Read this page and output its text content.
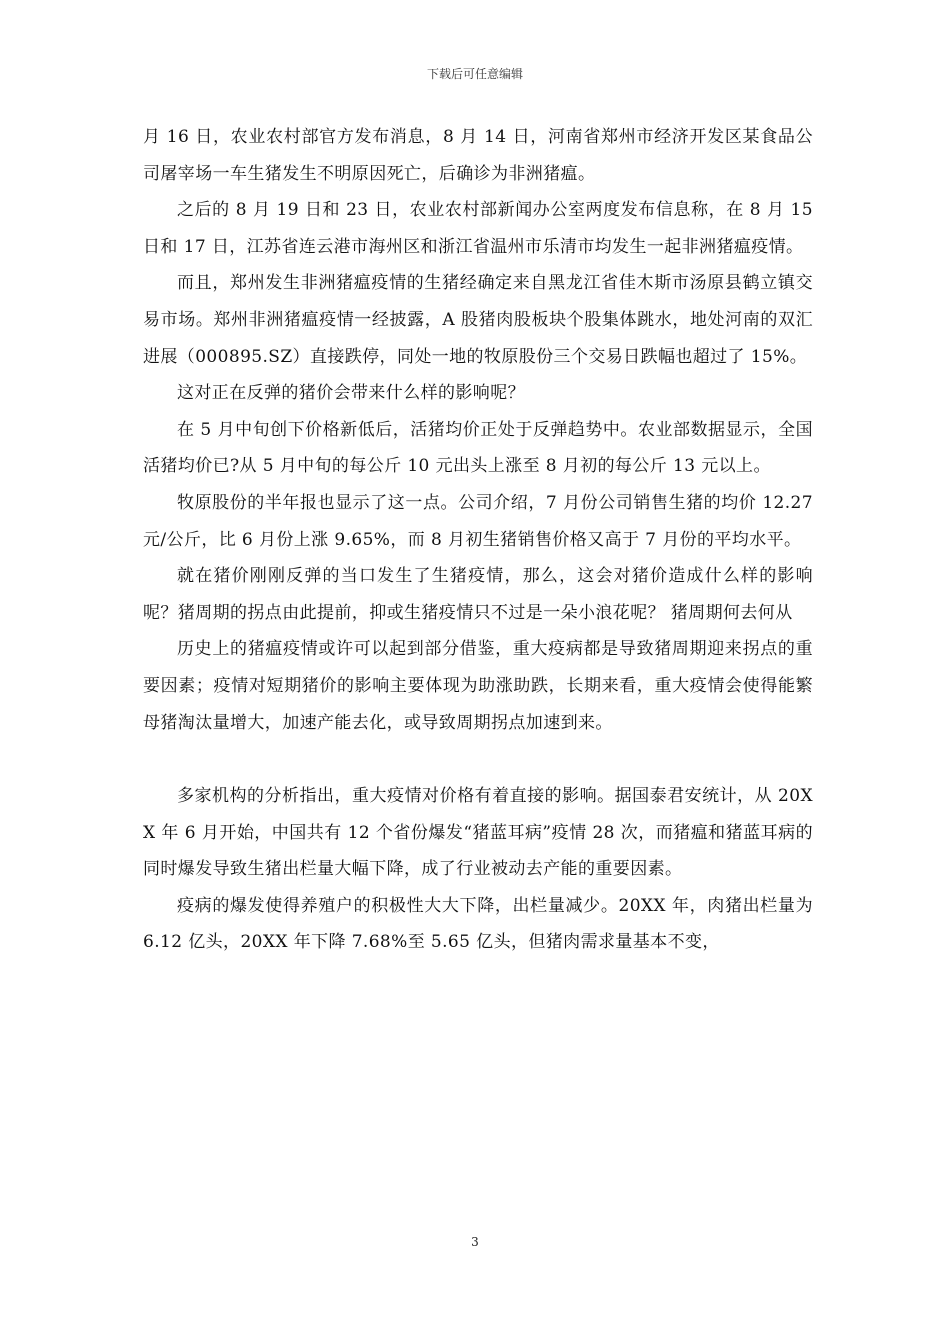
下载后可任意编辑

月 16 日，农业农村部官方发布消息，8 月 14 日，河南省郑州市经济开发区某食品公司屠宰场一车生猪发生不明原因死亡，后确诊为非洲猪瘟。

之后的 8 月 19 日和 23 日，农业农村部新闻办公室两度发布信息称，在 8 月 15 日和 17 日，江苏省连云港市海州区和浙江省温州市乐清市均发生一起非洲猪瘟疫情。

而且，郑州发生非洲猪瘟疫情的生猪经确定来自黑龙江省佳木斯市汤原县鹤立镇交易市场。郑州非洲猪瘟疫情一经披露，A 股猪肉股板块个股集体跳水，地处河南的双汇进展（000895.SZ）直接跌停，同处一地的牧原股份三个交易日跌幅也超过了 15%。

这对正在反弹的猪价会带来什么样的影响呢？

在 5 月中旬创下价格新低后，活猪均价正处于反弹趋势中。农业部数据显示，全国活猪均价已?从 5 月中旬的每公斤 10 元出头上涨至 8 月初的每公斤 13 元以上。

牧原股份的半年报也显示了这一点。公司介绍，7 月份公司销售生猪的均价 12.27 元/公斤，比 6 月份上涨 9.65%，而 8 月初生猪销售价格又高于 7 月份的平均水平。

就在猪价刚刚反弹的当口发生了生猪疫情，那么，这会对猪价造成什么样的影响呢？猪周期的拐点由此提前，抑或生猪疫情只不过是一朵小浪花呢？ 猪周期何去何从

历史上的猪瘟疫情或许可以起到部分借鉴，重大疫病都是导致猪周期迎来拐点的重要因素；疫情对短期猪价的影响主要体现为助涨助跌，长期来看，重大疫情会使得能繁母猪淘汰量增大，加速产能去化，或导致周期拐点加速到来。

多家机构的分析指出，重大疫情对价格有着直接的影响。据国泰君安统计，从 20XX 年 6 月开始，中国共有 12 个省份爆发“猪蓝耳病”疫情 28 次，而猪瘟和猪蓝耳病的同时爆发导致生猪出栏量大幅下降，成了行业被动去产能的重要因素。

疫病的爆发使得养殖户的积极性大大下降，出栏量减少。20XX 年，肉猪出栏量为 6.12 亿头，20XX 年下降 7.68%至 5.65 亿头，但猪肉需求量基本不变，

3
